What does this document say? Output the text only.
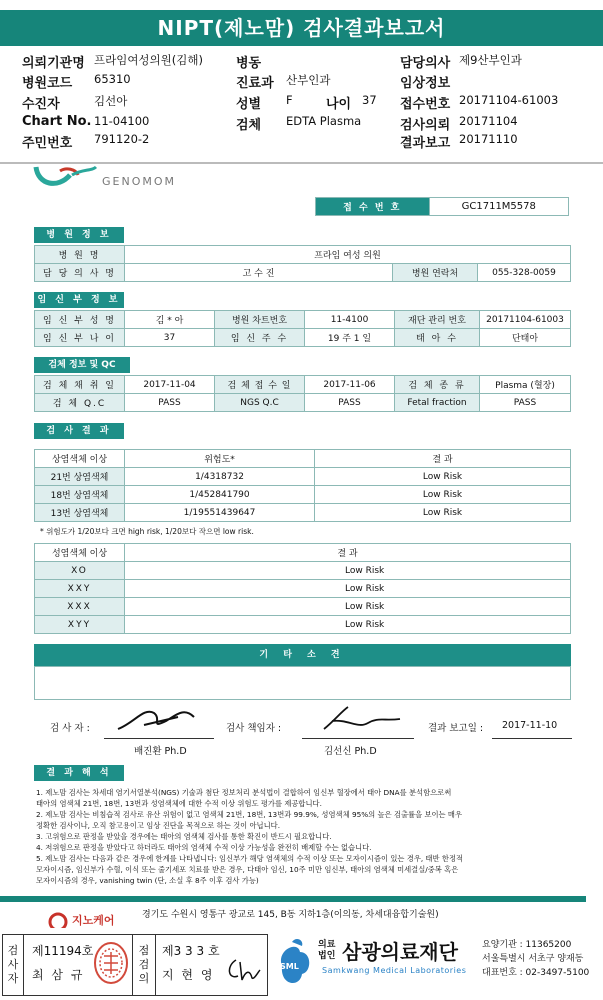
NIPT(제노맘) 검사결과보고서
의뢰기관명 프라임여성의원(김해)	병동	담당의사 제9산부인과
병원코드 65310	진료과 산부인과	임상정보
수진자	김선아	성별 F	나이 37 접수번호 20171104-61003
Chart No. 11-04100	검체 EDTA Plasma	검사의뢰 20171104
주민번호 791120-2	결과보고 20171110
GENOMOM
접 수 번 호	GC1711M5578
병 원 정 보
병 원 명	프라임 여성 의원		
담 당 의 사 명	고 수 진	병원 연락처	055-328-0059
임 신 부 정 보
임 신 부 성 명	김 * 아	병원 차트번호	11-4100	재단 관리 번호	20171104-61003
임 신 부 나 이	37	임 신 주 수	19 주 1 일	태 아 수	단태아
검체 정보 및 QC
검 체 채 취 일	2017-11-04	검 체 접 수 일	2017-11-06	검 체 종 류	Plasma (혈장)
검 체 Q.C	PASS	NGS Q.C	PASS	Fetal fraction	PASS
검 사 결 과
상염색체 이상	위험도*	결 과
21번 상염색체	1/4318732	Low Risk
18번 상염색체	1/452841790	Low Risk
13번 상염색체	1/19551439647	Low Risk
* 위험도가 1/20보다 크면 high risk, 1/20보다 작으면 low risk.
성염색체 이상	결 과
XO	Low Risk
XXY	Low Risk
XXX	Low Risk
XYY	Low Risk
기 타 소 견
검 사 자 :
배진환 Ph.D
검사 책임자 :
김선신 Ph.D
결과 보고일 : 2017-11-10
결 과 해 석
1. 제노맘 검사는 차세대 염기서열분석(NGS) 기술과 첨단 정보처리 분석법이 결합하여 임신부 혈장에서 태아 DNA를 분석함으로써
태아의 염색체 21번, 18번, 13번과 성염색체에 대한 수적 이상 위험도 평가를 제공합니다.
2. 제노맘 검사는 비침습적 검사로 유산 위험이 없고 염색체 21번, 18번, 13번과 99.9%, 성염색체 95%의 높은 검출률을 보이는 매우
정확한 검사이나, 오직 참고용이고 임상 진단을 목적으로 하는 것이 아닙니다.
3. 고위험으로 판정을 받았을 경우에는 태아의 염색체 검사를 통한 확진이 반드시 필요합니다.
4. 저위험으로 판정을 받았다고 하더라도 태아의 염색체 수적 이상 가능성을 완전히 배제할 수는 없습니다.
5. 제노맘 검사는 다음과 같은 경우에 한계를 나타냅니다: 임신부가 해당 염색체의 수적 이상 또는 모자이시즘이 있는 경우, 태반 한정적
모자이시즘, 임신부가 수혈, 이식 또는 줄기세포 치료를 받은 경우, 다태아 임신, 10주 미만 임신부, 태아의 염색체 미세결실/중복 혹은
모자이시즘의 경우, vanishing twin (단, 소실 후 8주 이후 검사 가능)
지노케어	경기도 수원시 영통구 광교로 145, B동 지하1층(이의동, 차세대융합기술원)
검사자
제11194호
최 삼 규
점검의
제3 3 3 호
지 현 영
SML
의료
법인 삼광의료재단
Samkwang Medical Laboratories
요양기관 : 11365200
서울특별시 서초구 양재동
대표번호 : 02-3497-5100
